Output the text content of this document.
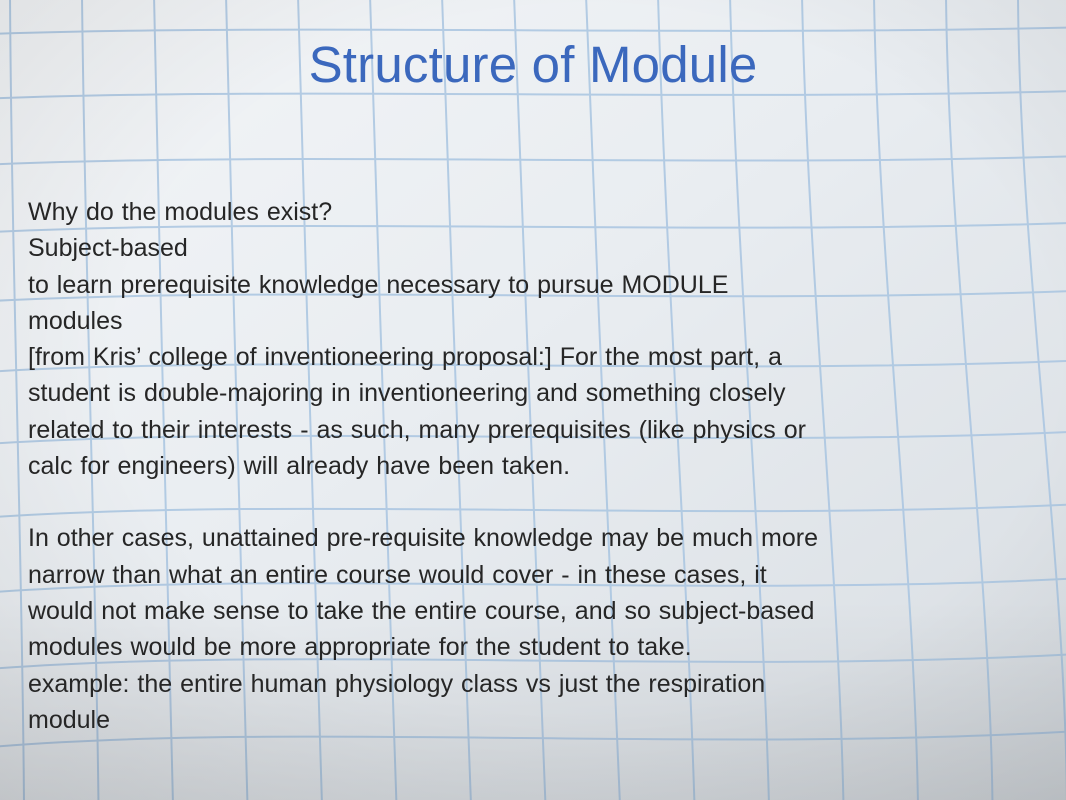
Structure of Module
Why do the modules exist?
Subject-based
to learn prerequisite knowledge necessary to pursue MODULE
modules
[from Kris’ college of inventioneering proposal:] For the most part, a
student is double-majoring in inventioneering and something closely
related to their interests - as such, many prerequisites (like physics or
calc for engineers) will already have been taken.
In other cases, unattained pre-requisite knowledge may be much more
narrow than what an entire course would cover - in these cases, it
would not make sense to take the entire course, and so subject-based
modules would be more appropriate for the student to take.
example: the entire human physiology class vs just the respiration
module
